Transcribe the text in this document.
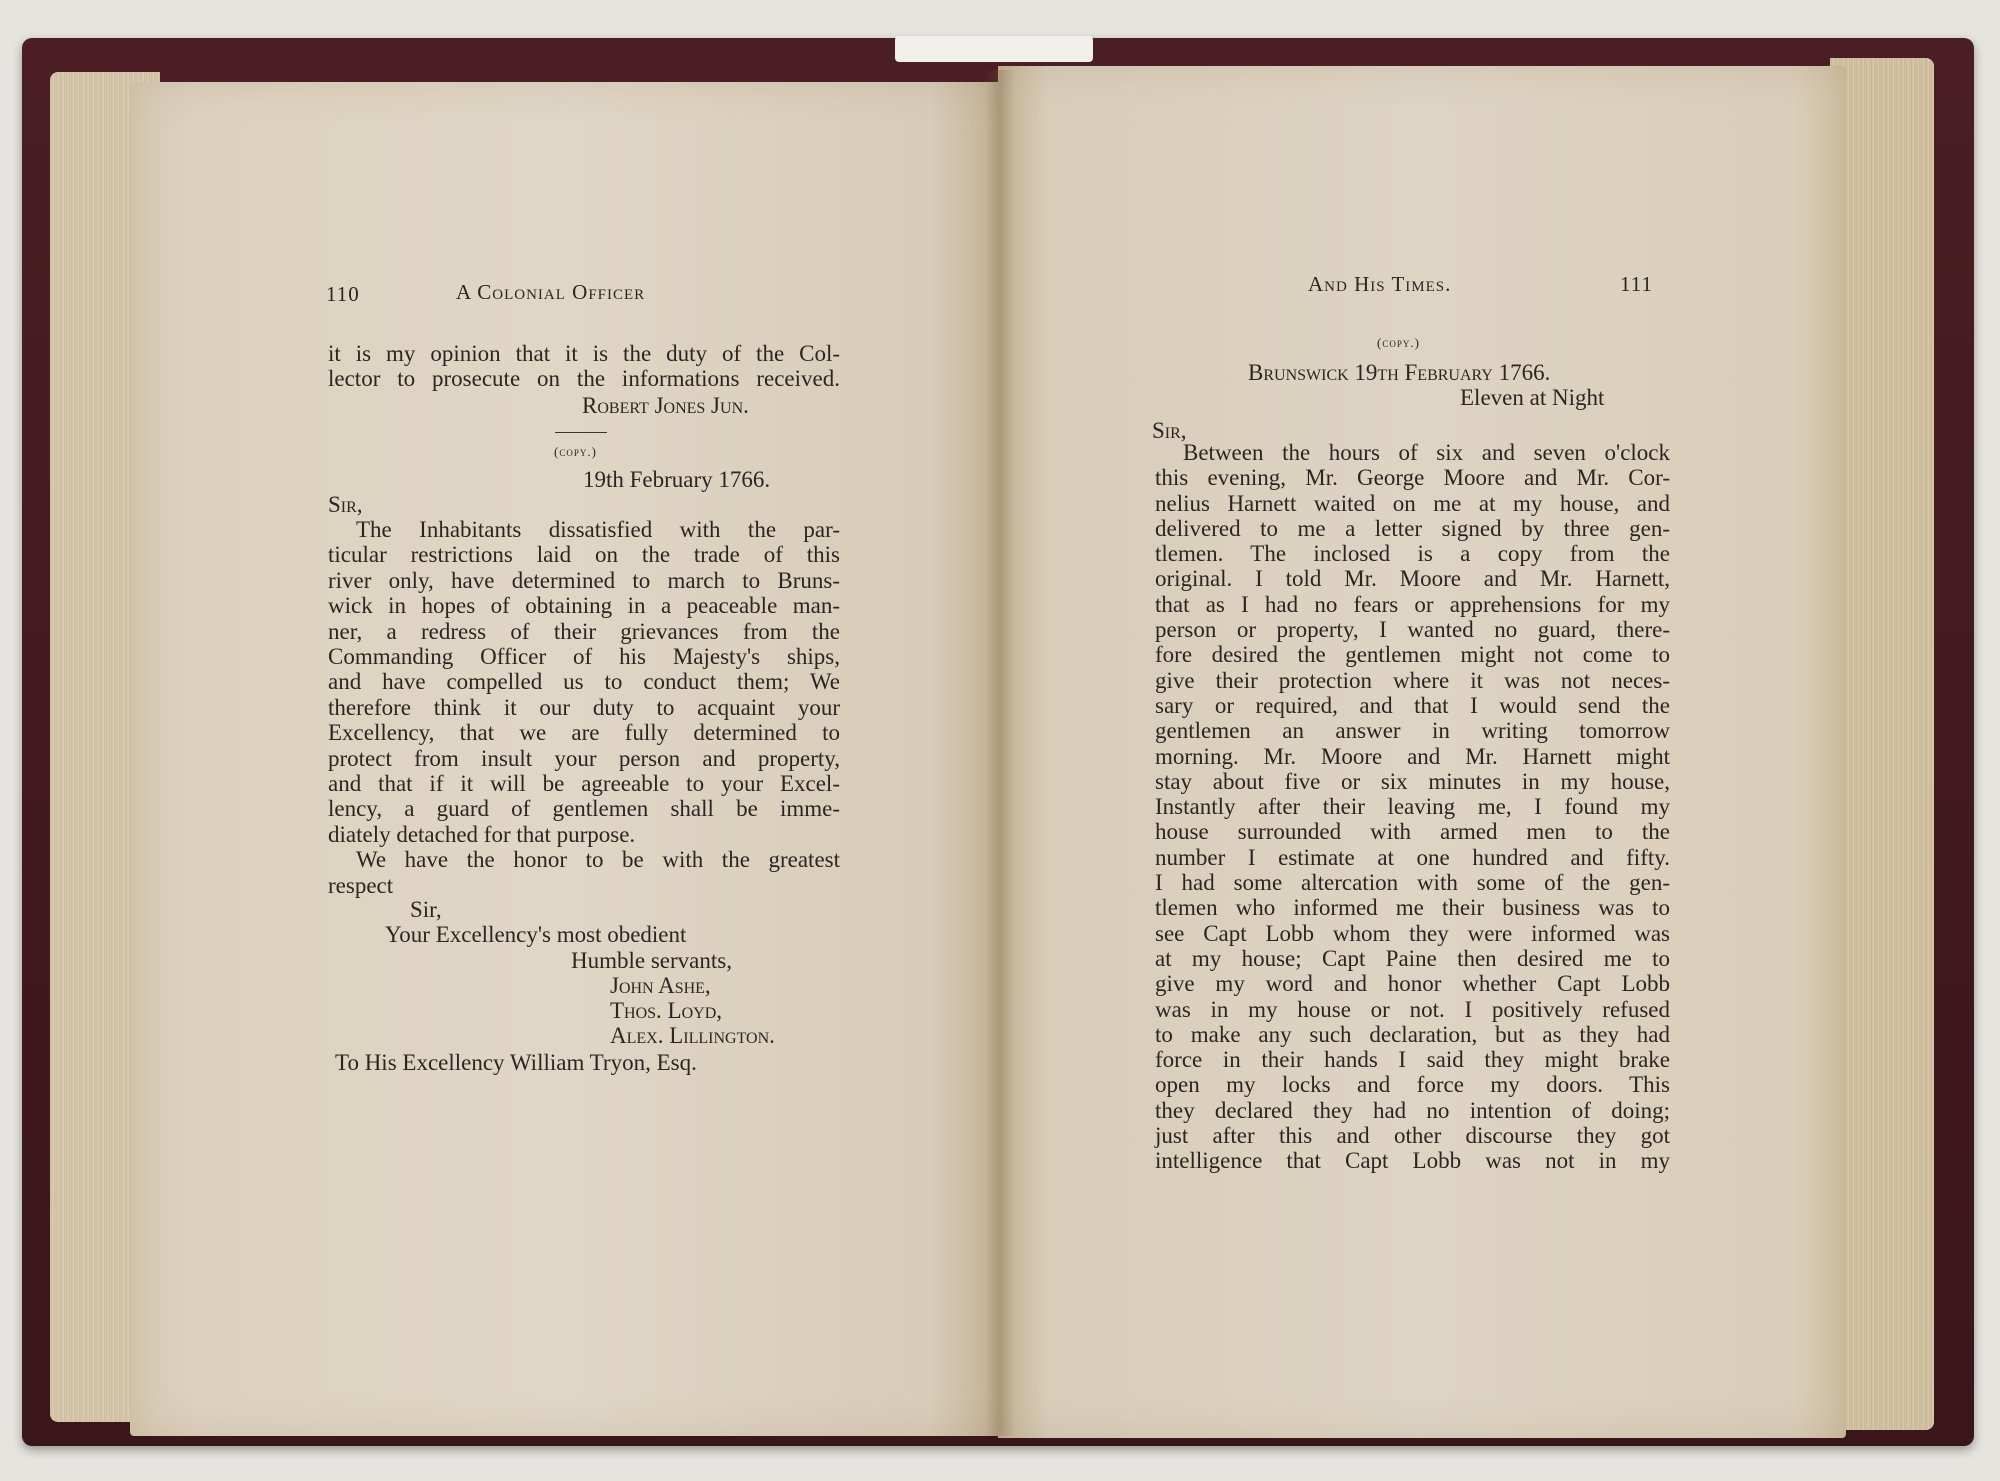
110	A Colonial Officer
it is my opinion that it is the duty of the Col-
lector to prosecute on the informations received.
Robert Jones Jun.
(copy.)
19th February 1766.
Sir,
The Inhabitants dissatisfied with the par-
ticular restrictions laid on the trade of this
river only, have determined to march to Bruns-
wick in hopes of obtaining in a peaceable man-
ner, a redress of their grievances from the
Commanding Officer of his Majesty's ships,
and have compelled us to conduct them; We
therefore think it our duty to acquaint your
Excellency, that we are fully determined to
protect from insult your person and property,
and that if it will be agreeable to your Excel-
lency, a guard of gentlemen shall be imme-
diately detached for that purpose.
We have the honor to be with the greatest
respect
Sir,
Your Excellency's most obedient
Humble servants,
John Ashe,
Thos. Loyd,
Alex. Lillington.
To His Excellency William Tryon, Esq.
And His Times.	111
(copy.)
Brunswick 19th February 1766.
Eleven at Night
Sir,
Between the hours of six and seven o'clock
this evening, Mr. George Moore and Mr. Cor-
nelius Harnett waited on me at my house, and
delivered to me a letter signed by three gen-
tlemen. The inclosed is a copy from the
original. I told Mr. Moore and Mr. Harnett,
that as I had no fears or apprehensions for my
person or property, I wanted no guard, there-
fore desired the gentlemen might not come to
give their protection where it was not neces-
sary or required, and that I would send the
gentlemen an answer in writing tomorrow
morning. Mr. Moore and Mr. Harnett might
stay about five or six minutes in my house,
Instantly after their leaving me, I found my
house surrounded with armed men to the
number I estimate at one hundred and fifty.
I had some altercation with some of the gen-
tlemen who informed me their business was to
see Capt Lobb whom they were informed was
at my house; Capt Paine then desired me to
give my word and honor whether Capt Lobb
was in my house or not. I positively refused
to make any such declaration, but as they had
force in their hands I said they might brake
open my locks and force my doors. This
they declared they had no intention of doing;
just after this and other discourse they got
intelligence that Capt Lobb was not in my
